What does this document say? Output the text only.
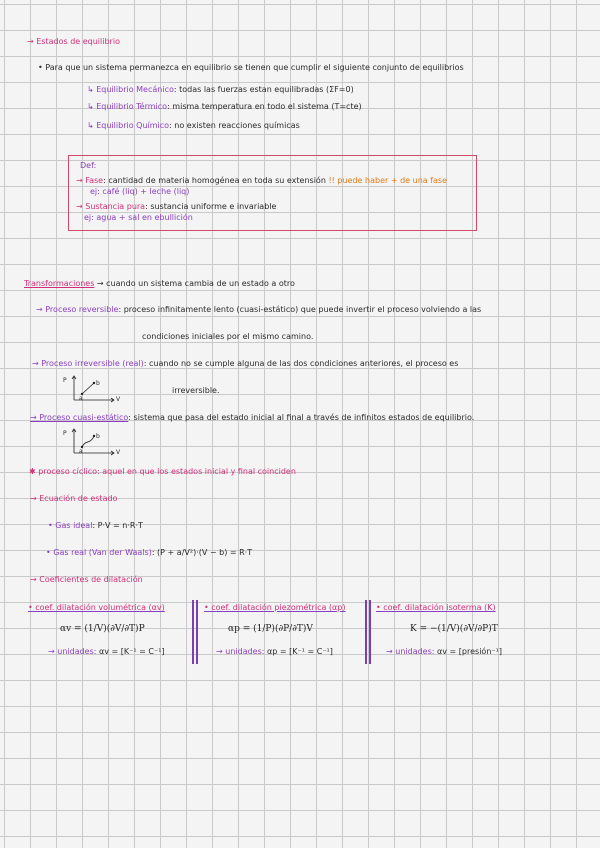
→ Estados de equilibrio
• Para que un sistema permanezca en equilibrio se tienen que cumplir el siguiente conjunto de equilibrios
↳ Equilibrio Mecánico: todas las fuerzas estan equilibradas (ΣF=0)
↳ Equilibrio Térmico: misma temperatura en todo el sistema (T=cte)
↳ Equilibrio Químico: no existen reacciones químicas
Def:
→ Fase: cantidad de materia homogénea en toda su extensión !! puede haber + de una fase
ej: café (liq) + leche (liq)
→ Sustancia pura: sustancia uniforme e invariable
ej: agua + sal en ebullición
Transformaciones → cuando un sistema cambia de un estado a otro
→ Proceso reversible: proceso infinitamente lento (cuasi-estático) que puede invertir el proceso volviendo a las
condiciones iniciales por el mismo camino.
→ Proceso irreversible (real): cuando no se cumple alguna de las dos condiciones anteriores, el proceso es
irreversible.
P
V
a
b
→ Proceso cuasi-estático: sistema que pasa del estado inicial al final a través de infinitos estados de equilibrio.
P
V
a
b
✱ proceso cíclico: aquel en que los estados inicial y final coinciden
→ Ecuación de estado
• Gas ideal: P·V = n·R·T
• Gas real (Van der Waals): (P + a/V²)·(V − b) = R·T
→ Coeficientes de dilatación
• coef. dilatación volumétrica (αv)
αv = (1/V)(∂V/∂T)P
→ unidades: αv = [K⁻¹ = C⁻¹]
• coef. dilatación piezométrica (αp)
αp = (1/P)(∂P/∂T)V
→ unidades: αp = [K⁻¹ = C⁻¹]
• coef. dilatación isoterma (K)
K = −(1/V)(∂V/∂P)T
→ unidades: αv = [presión⁻¹]
